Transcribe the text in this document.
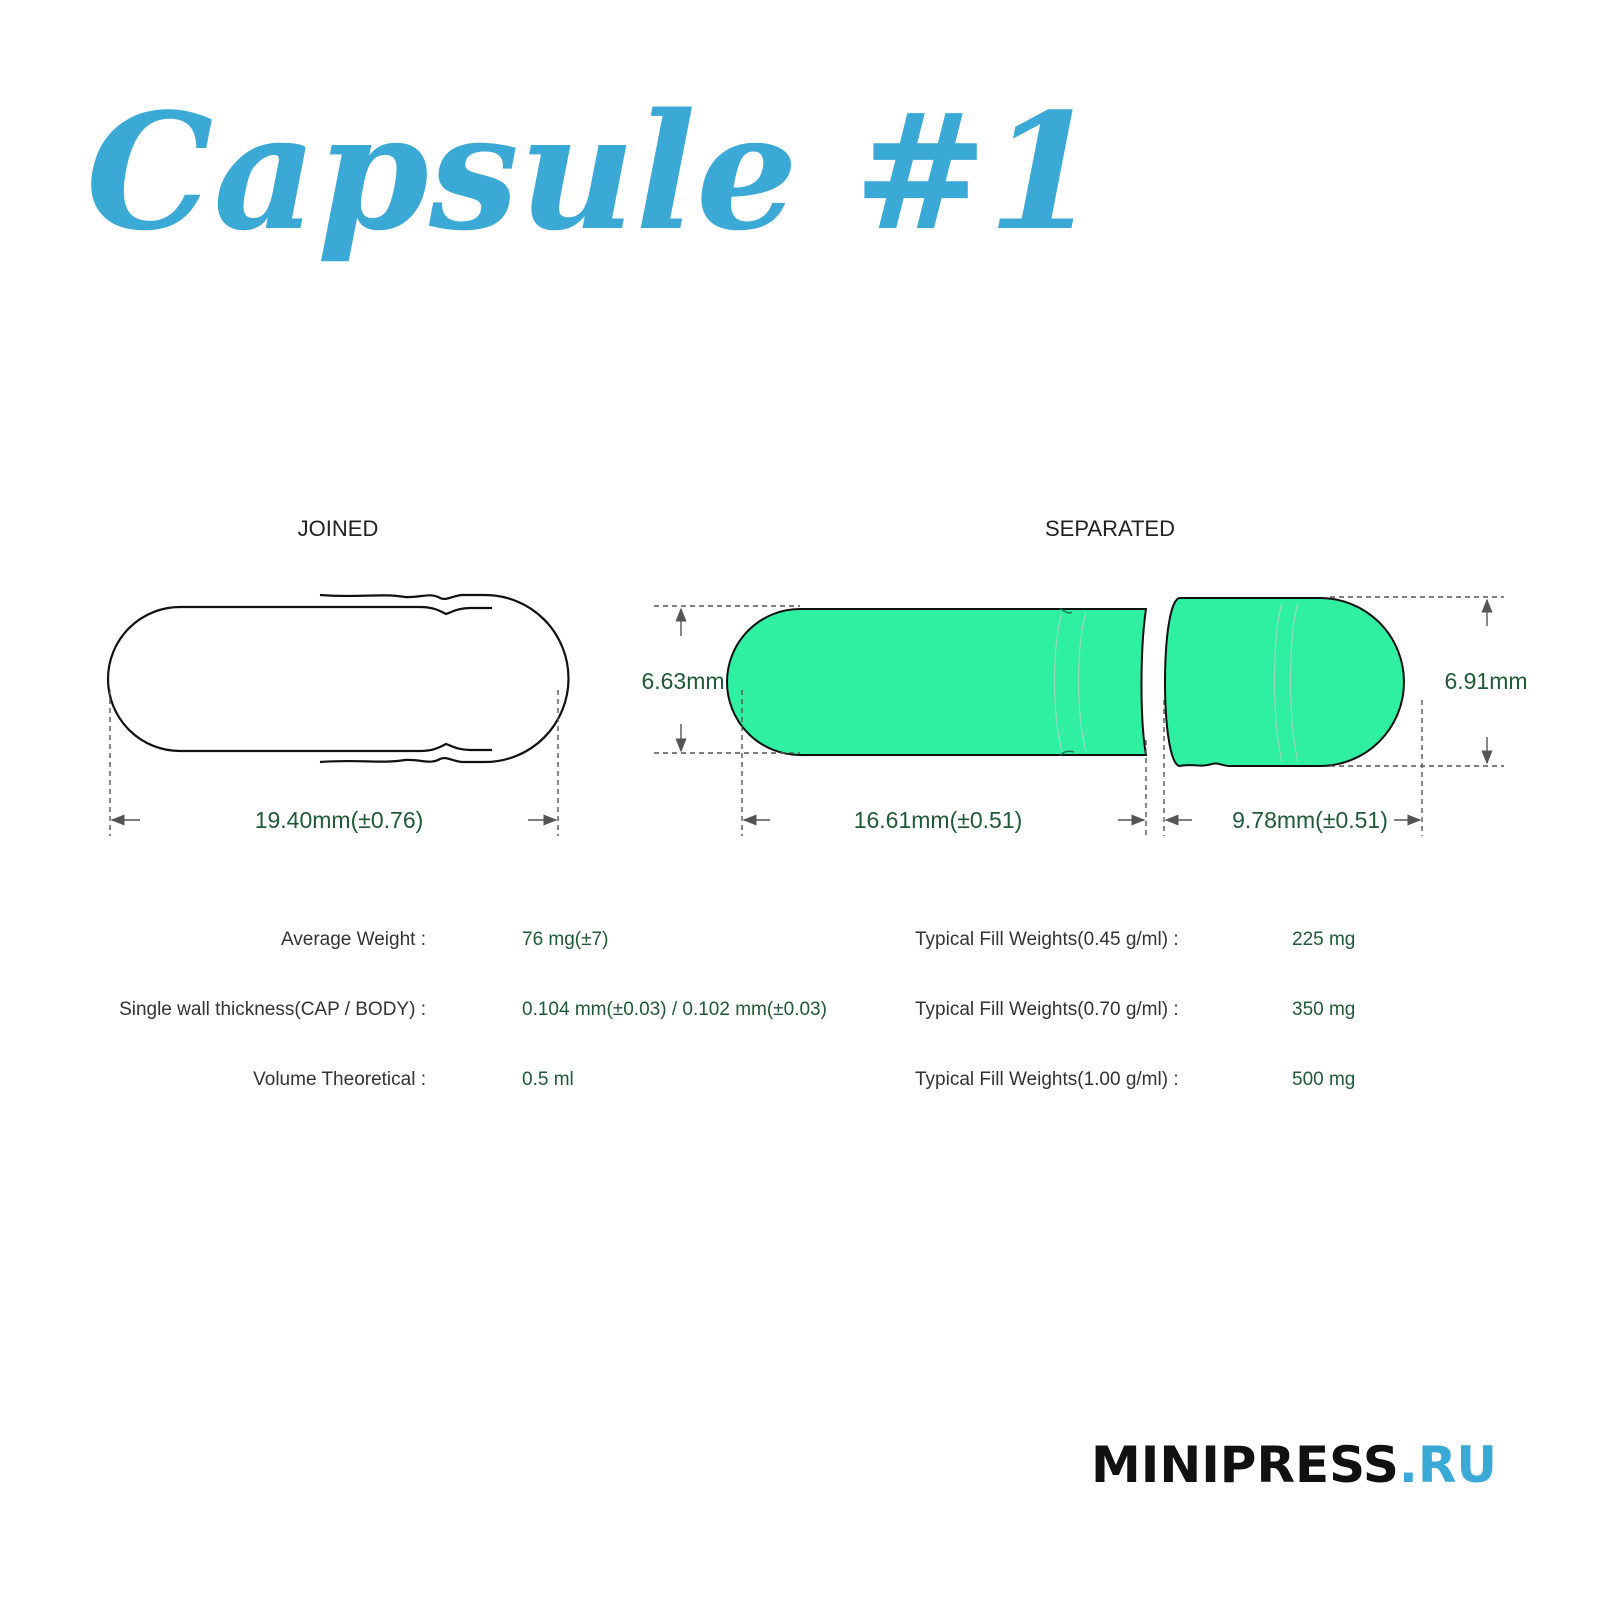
Capsule #1
JOINED	SEPARATED
19.40mm(±0.76)
6.63mm	6.91mm
16.61mm(±0.51)	9.78mm(±0.51)
Average Weight :	76 mg(±7)
Single wall thickness(CAP / BODY) :	0.104 mm(±0.03) / 0.102 mm(±0.03)
Volume Theoretical :	0.5 ml
Typical Fill Weights(0.45 g/ml) :	225 mg
Typical Fill Weights(0.70 g/ml) :	350 mg
Typical Fill Weights(1.00 g/ml) :	500 mg
MINIPRESS.RU
